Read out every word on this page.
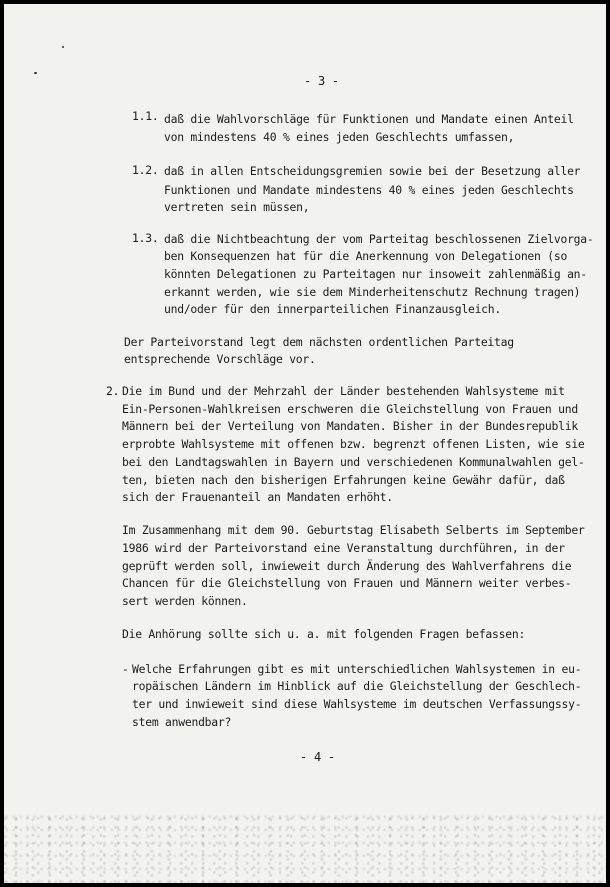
- 3 -
1.1. daß die Wahlvorschläge für Funktionen und Mandate einen Anteil
von mindestens 40 % eines jeden Geschlechts umfassen,
1.2. daß in allen Entscheidungsgremien sowie bei der Besetzung aller
Funktionen und Mandate mindestens 40 % eines jeden Geschlechts
vertreten sein müssen,
1.3. daß die Nichtbeachtung der vom Parteitag beschlossenen Zielvorga-
ben Konsequenzen hat für die Anerkennung von Delegationen (so
könnten Delegationen zu Parteitagen nur insoweit zahlenmäßig an-
erkannt werden, wie sie dem Minderheitenschutz Rechnung tragen)
und/oder für den innerparteilichen Finanzausgleich.
Der Parteivorstand legt dem nächsten ordentlichen Parteitag
entsprechende Vorschläge vor.
2. Die im Bund und der Mehrzahl der Länder bestehenden Wahlsysteme mit
Ein-Personen-Wahlkreisen erschweren die Gleichstellung von Frauen und
Männern bei der Verteilung von Mandaten. Bisher in der Bundesrepublik
erprobte Wahlsysteme mit offenen bzw. begrenzt offenen Listen, wie sie
bei den Landtagswahlen in Bayern und verschiedenen Kommunalwahlen gel-
ten, bieten nach den bisherigen Erfahrungen keine Gewähr dafür, daß
sich der Frauenanteil an Mandaten erhöht.
Im Zusammenhang mit dem 90. Geburtstag Elisabeth Selberts im September
1986 wird der Parteivorstand eine Veranstaltung durchführen, in der
geprüft werden soll, inwieweit durch Änderung des Wahlverfahrens die
Chancen für die Gleichstellung von Frauen und Männern weiter verbes-
sert werden können.
Die Anhörung sollte sich u. a. mit folgenden Fragen befassen:
- Welche Erfahrungen gibt es mit unterschiedlichen Wahlsystemen in eu-
ropäischen Ländern im Hinblick auf die Gleichstellung der Geschlech-
ter und inwieweit sind diese Wahlsysteme im deutschen Verfassungssy-
stem anwendbar?
- 4 -
